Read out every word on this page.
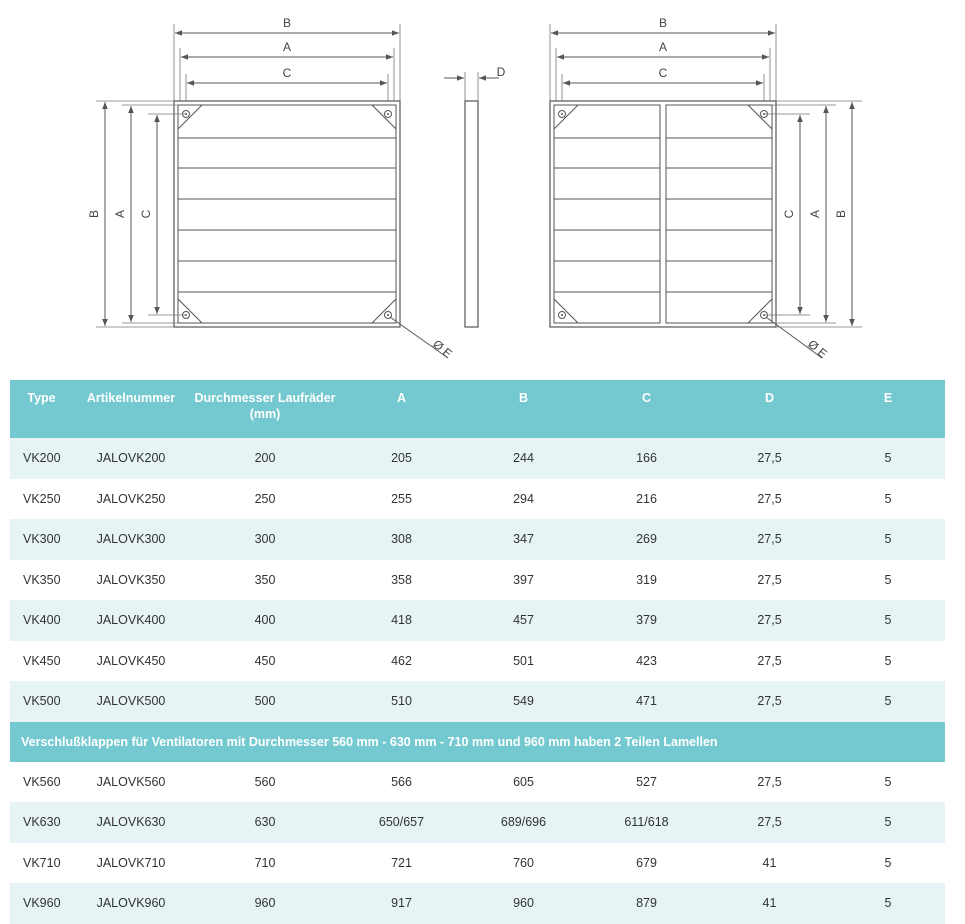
B
A
C
B A C
Ø E
D
B
A
C
B
A
C
Ø E
Type	Artikelnummer	Durchmesser Laufräder (mm)	A	B	C	D	E
VK200	JALOVK200	200	205	244	166	27,5	5
VK250	JALOVK250	250	255	294	216	27,5	5
VK300	JALOVK300	300	308	347	269	27,5	5
VK350	JALOVK350	350	358	397	319	27,5	5
VK400	JALOVK400	400	418	457	379	27,5	5
VK450	JALOVK450	450	462	501	423	27,5	5
VK500	JALOVK500	500	510	549	471	27,5	5
Verschlußklappen für Ventilatoren mit Durchmesser 560 mm - 630 mm - 710 mm und 960 mm haben 2 Teilen Lamellen							
VK560	JALOVK560	560	566	605	527	27,5	5
VK630	JALOVK630	630	650/657	689/696	611/618	27,5	5
VK710	JALOVK710	710	721	760	679	41	5
VK960	JALOVK960	960	917	960	879	41	5
